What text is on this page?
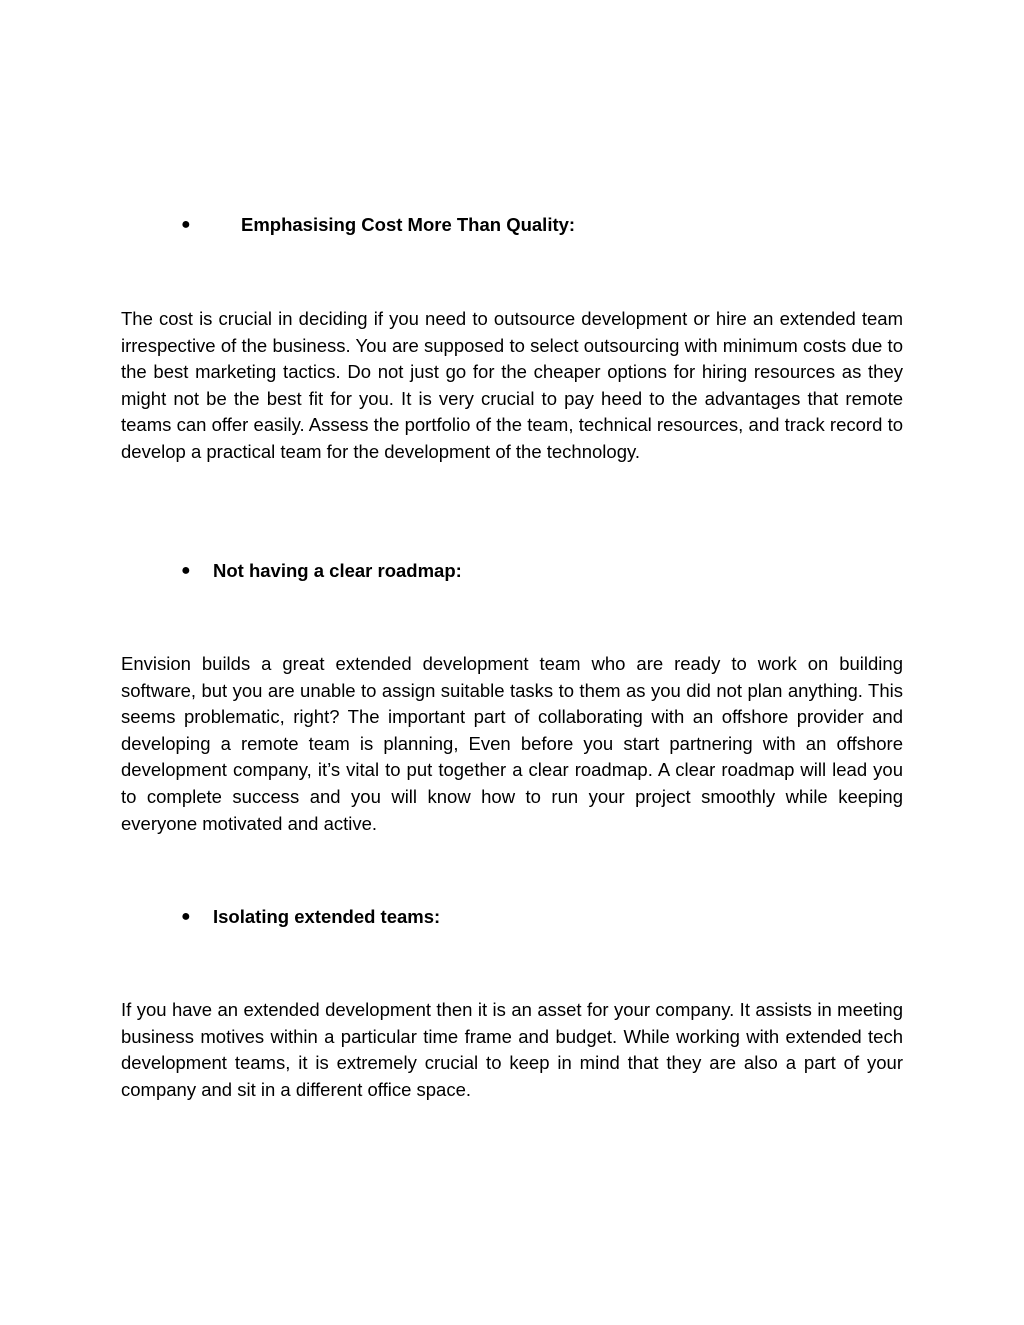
●	Emphasising Cost More Than Quality:

The cost is crucial in deciding if you need to outsource development or hire an extended team irrespective of the business. You are supposed to select outsourcing with minimum costs due to the best marketing tactics. Do not just go for the cheaper options for hiring resources as they might not be the best fit for you. It is very crucial to pay heed to the advantages that remote teams can offer easily. Assess the portfolio of the team, technical resources, and track record to develop a practical team for the development of the technology.

● Not having a clear roadmap:

Envision builds a great extended development team who are ready to work on building software, but you are unable to assign suitable tasks to them as you did not plan anything. This seems problematic, right? The important part of collaborating with an offshore provider and developing a remote team is planning, Even before you start partnering with an offshore development company, it’s vital to put together a clear roadmap. A clear roadmap will lead you to complete success and you will know how to run your project smoothly while keeping everyone motivated and active.

● Isolating extended teams:

If you have an extended development then it is an asset for your company. It assists in meeting business motives within a particular time frame and budget. While working with extended tech development teams, it is extremely crucial to keep in mind that they are also a part of your company and sit in a different office space.
